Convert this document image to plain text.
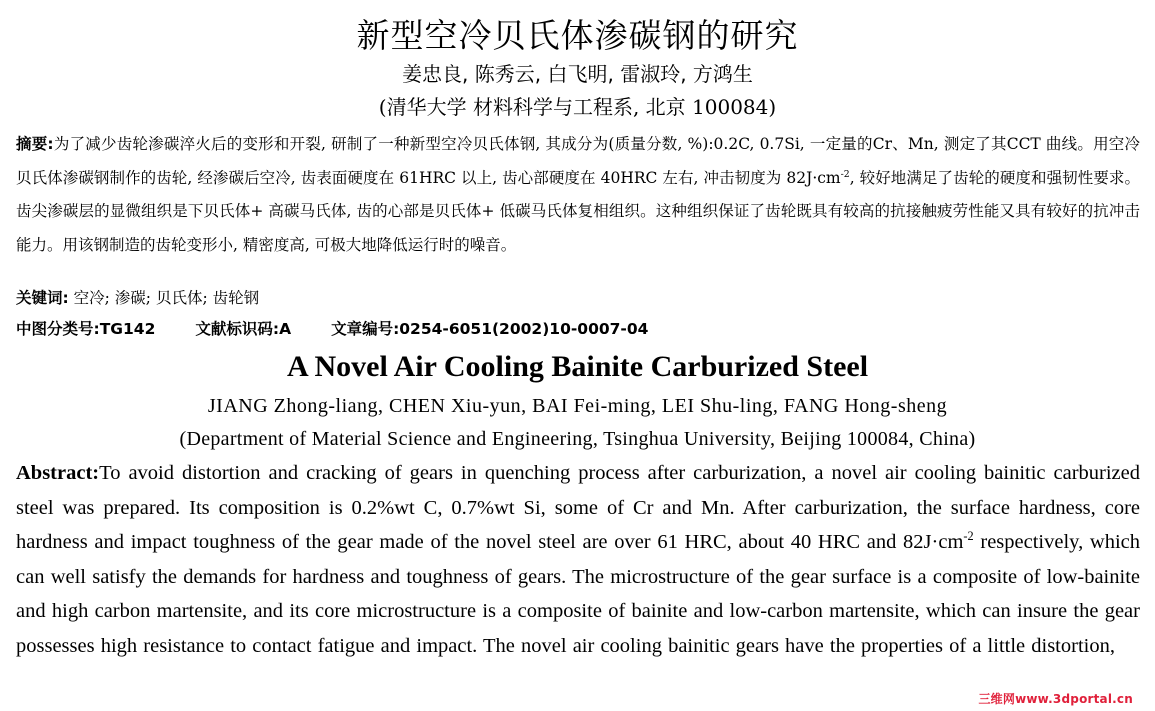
新型空冷贝氏体渗碳钢的研究
姜忠良, 陈秀云, 白飞明, 雷淑玲, 方鸿生
(清华大学 材料科学与工程系, 北京 100084)
摘要:为了减少齿轮渗碳淬火后的变形和开裂, 研制了一种新型空冷贝氏体钢, 其成分为(质量分数, %):0.2C, 0.7Si, 一定量的Cr、Mn, 测定了其CCT 曲线。用空冷贝氏体渗碳钢制作的齿轮, 经渗碳后空冷, 齿表面硬度在 61HRC 以上, 齿心部硬度在 40HRC 左右, 冲击韧度为 $82J\cdot cm^{-2}$, 较好地满足了齿轮的硬度和强韧性要求。齿尖渗碳层的显微组织是下贝氏体+ 高碳马氏体, 齿的心部是贝氏体+ 低碳马氏体复相组织。这种组织保证了齿轮既具有较高的抗接触疲劳性能又具有较好的抗冲击能力。用该钢制造的齿轮变形小, 精密度高, 可极大地降低运行时的噪音。
关键词: 空冷; 渗碳; 贝氏体; 齿轮钢
中图分类号:TG142	文献标识码:A	文章编号:0254-6051(2002)10-0007-04
A Novel Air Cooling Bainite Carburized Steel
JIANG Zhong-liang, CHEN Xiu-yun, BAI Fei-ming, LEI Shu-ling, FANG Hong-sheng
(Department of Material Science and Engineering, Tsinghua University, Beijing 100084, China)
Abstract:To avoid distortion and cracking of gears in quenching process after carburization, a novel air cooling bainitic carburized steel was prepared. Its composition is 0.2%wt C, 0.7%wt Si, some of Cr and Mn. After carburization, the surface hardness, core hardness and impact toughness of the gear made of the novel steel are over 61 HRC, about 40 HRC and $82J\cdot cm^{-2}$ respectively, which can well satisfy the demands for hardness and toughness of gears. The microstructure of the gear surface is a composite of low-bainite and high carbon martensite, and its core microstructure is a composite of bainite and low-carbon martensite, which can insure the gear possesses high resistance to contact fatigue and impact. The novel air cooling bainitic gears have the properties of a little distortion,
三维网www.3dportal.cn
